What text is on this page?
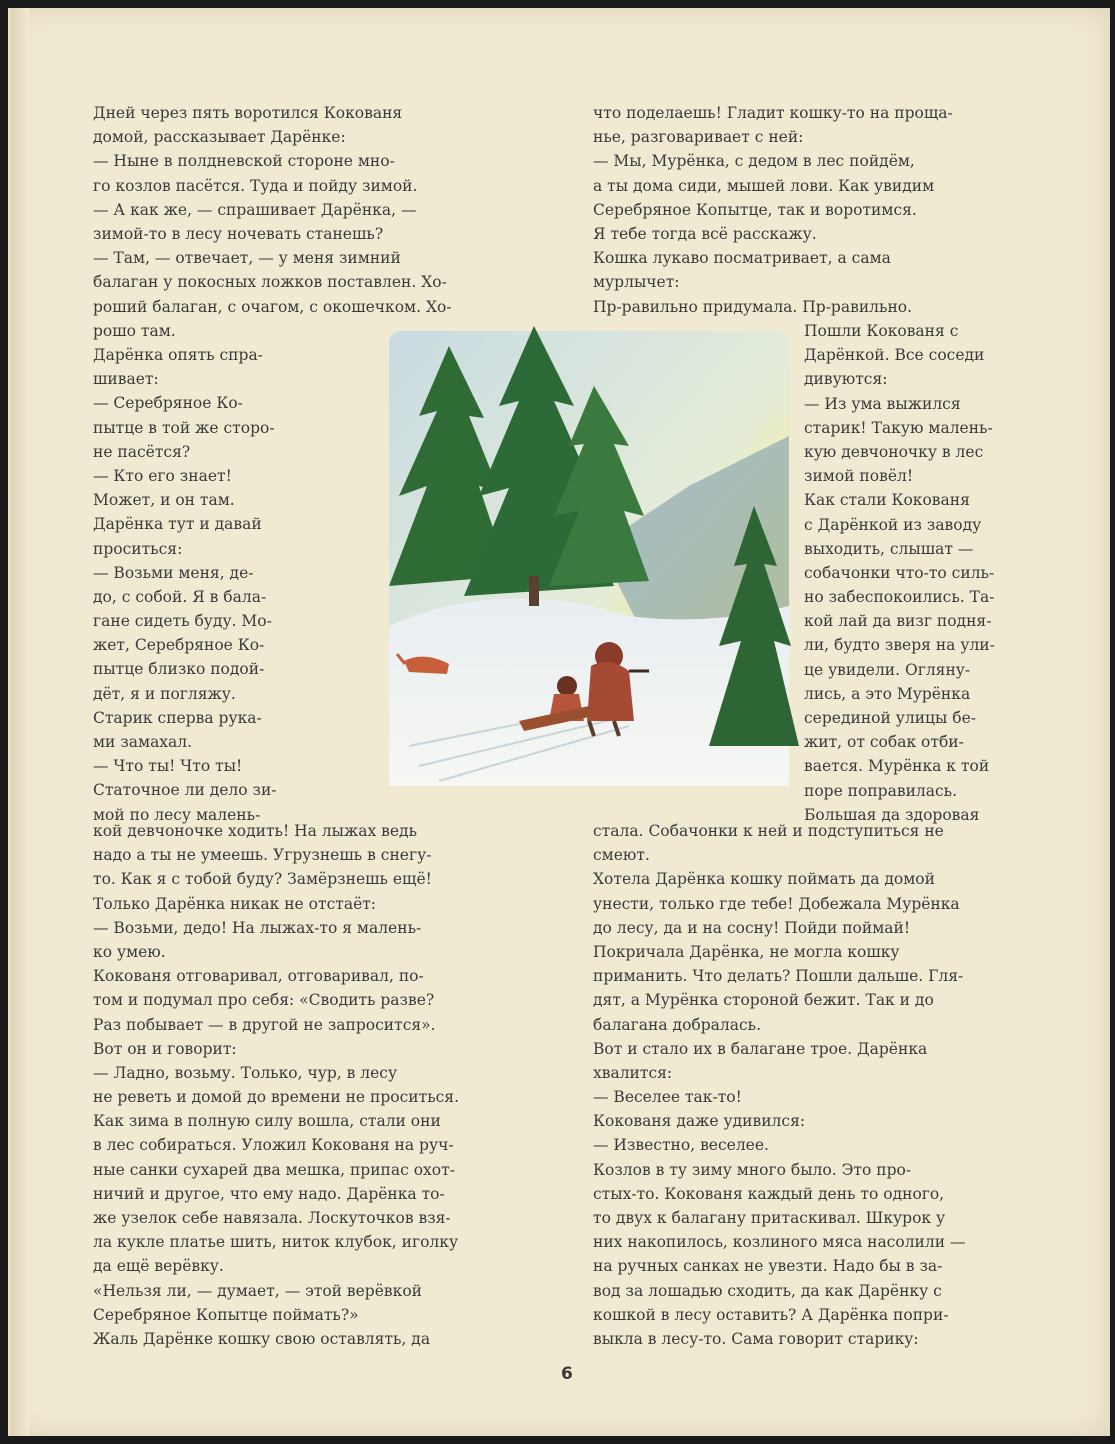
Дней через пять воротился Кокованя
домой, рассказывает Дарёнке:
— Ныне в полдневской стороне мно-
го козлов пасётся. Туда и пойду зимой.
— А как же, — спрашивает Дарёнка, —
зимой-то в лесу ночевать станешь?
— Там, — отвечает, — у меня зимний
балаган у покосных ложков поставлен. Хо-
роший балаган, с очагом, с окошечком. Хо-
рошо там.
Дарёнка опять спра-
шивает:
— Серебряное Ко-
пытце в той же сторо-
не пасётся?
— Кто его знает!
Может, и он там.
Дарёнка тут и давай
проситься:
— Возьми меня, де-
до, с собой. Я в бала-
гане сидеть буду. Мо-
жет, Серебряное Ко-
пытце близко подой-
дёт, я и погляжу.
Старик сперва рука-
ми замахал.
— Что ты! Что ты!
Статочное ли дело зи-
мой по лесу малень-
кой девчоночке ходить! На лыжах ведь
надо а ты не умеешь. Угрузнешь в снегу-
то. Как я с тобой буду? Замёрзнешь ещё!
Только Дарёнка никак не отстаёт:
— Возьми, дедо! На лыжах-то я малень-
ко умею.
Кокованя отговаривал, отговаривал, по-
том и подумал про себя: «Сводить разве?
Раз побывает — в другой не запросится».
Вот он и говорит:
— Ладно, возьму. Только, чур, в лесу
не реветь и домой до времени не проситься.
Как зима в полную силу вошла, стали они
в лес собираться. Уложил Кокованя на руч-
ные санки сухарей два мешка, припас охот-
ничий и другое, что ему надо. Дарёнка то-
же узелок себе навязала. Лоскуточков взя-
ла кукле платье шить, ниток клубок, иголку
да ещё верёвку.
«Нельзя ли, — думает, — этой верёвкой
Серебряное Копытце поймать?»
Жаль Дарёнке кошку свою оставлять, да
что поделаешь! Гладит кошку-то на проща-
нье, разговаривает с ней:
— Мы, Мурёнка, с дедом в лес пойдём,
а ты дома сиди, мышей лови. Как увидим
Серебряное Копытце, так и воротимся.
Я тебе тогда всё расскажу.
Кошка лукаво посматривает, а сама
мурлычет:
Пр-равильно придумала. Пр-равильно.
Пошли Кокованя с
Дарёнкой. Все соседи
дивуются:
— Из ума выжился
старик! Такую малень-
кую девчоночку в лес
зимой повёл!
Как стали Кокованя
с Дарёнкой из заводу
выходить, слышат —
собачонки что-то силь-
но забеспокоились. Та-
кой лай да визг подня-
ли, будто зверя на ули-
це увидели. Огляну-
лись, а это Мурёнка
серединой улицы бе-
жит, от собак отби-
вается. Мурёнка к той
поре поправилась.
Большая да здоровая
стала. Собачонки к ней и подступиться не
смеют.
Хотела Дарёнка кошку поймать да домой
унести, только где тебе! Добежала Мурёнка
до лесу, да и на сосну! Пойди поймай!
Покричала Дарёнка, не могла кошку
приманить. Что делать? Пошли дальше. Гля-
дят, а Мурёнка стороной бежит. Так и до
балагана добралась.
Вот и стало их в балагане трое. Дарёнка
хвалится:
— Веселее так-то!
Кокованя даже удивился:
— Известно, веселее.
Козлов в ту зиму много было. Это про-
стых-то. Кокованя каждый день то одного,
то двух к балагану притаскивал. Шкурок у
них накопилось, козлиного мяса насолили —
на ручных санках не увезти. Надо бы в за-
вод за лошадью сходить, да как Дарёнку с
кошкой в лесу оставить? А Дарёнка попри-
выкла в лесу-то. Сама говорит старику:
6
